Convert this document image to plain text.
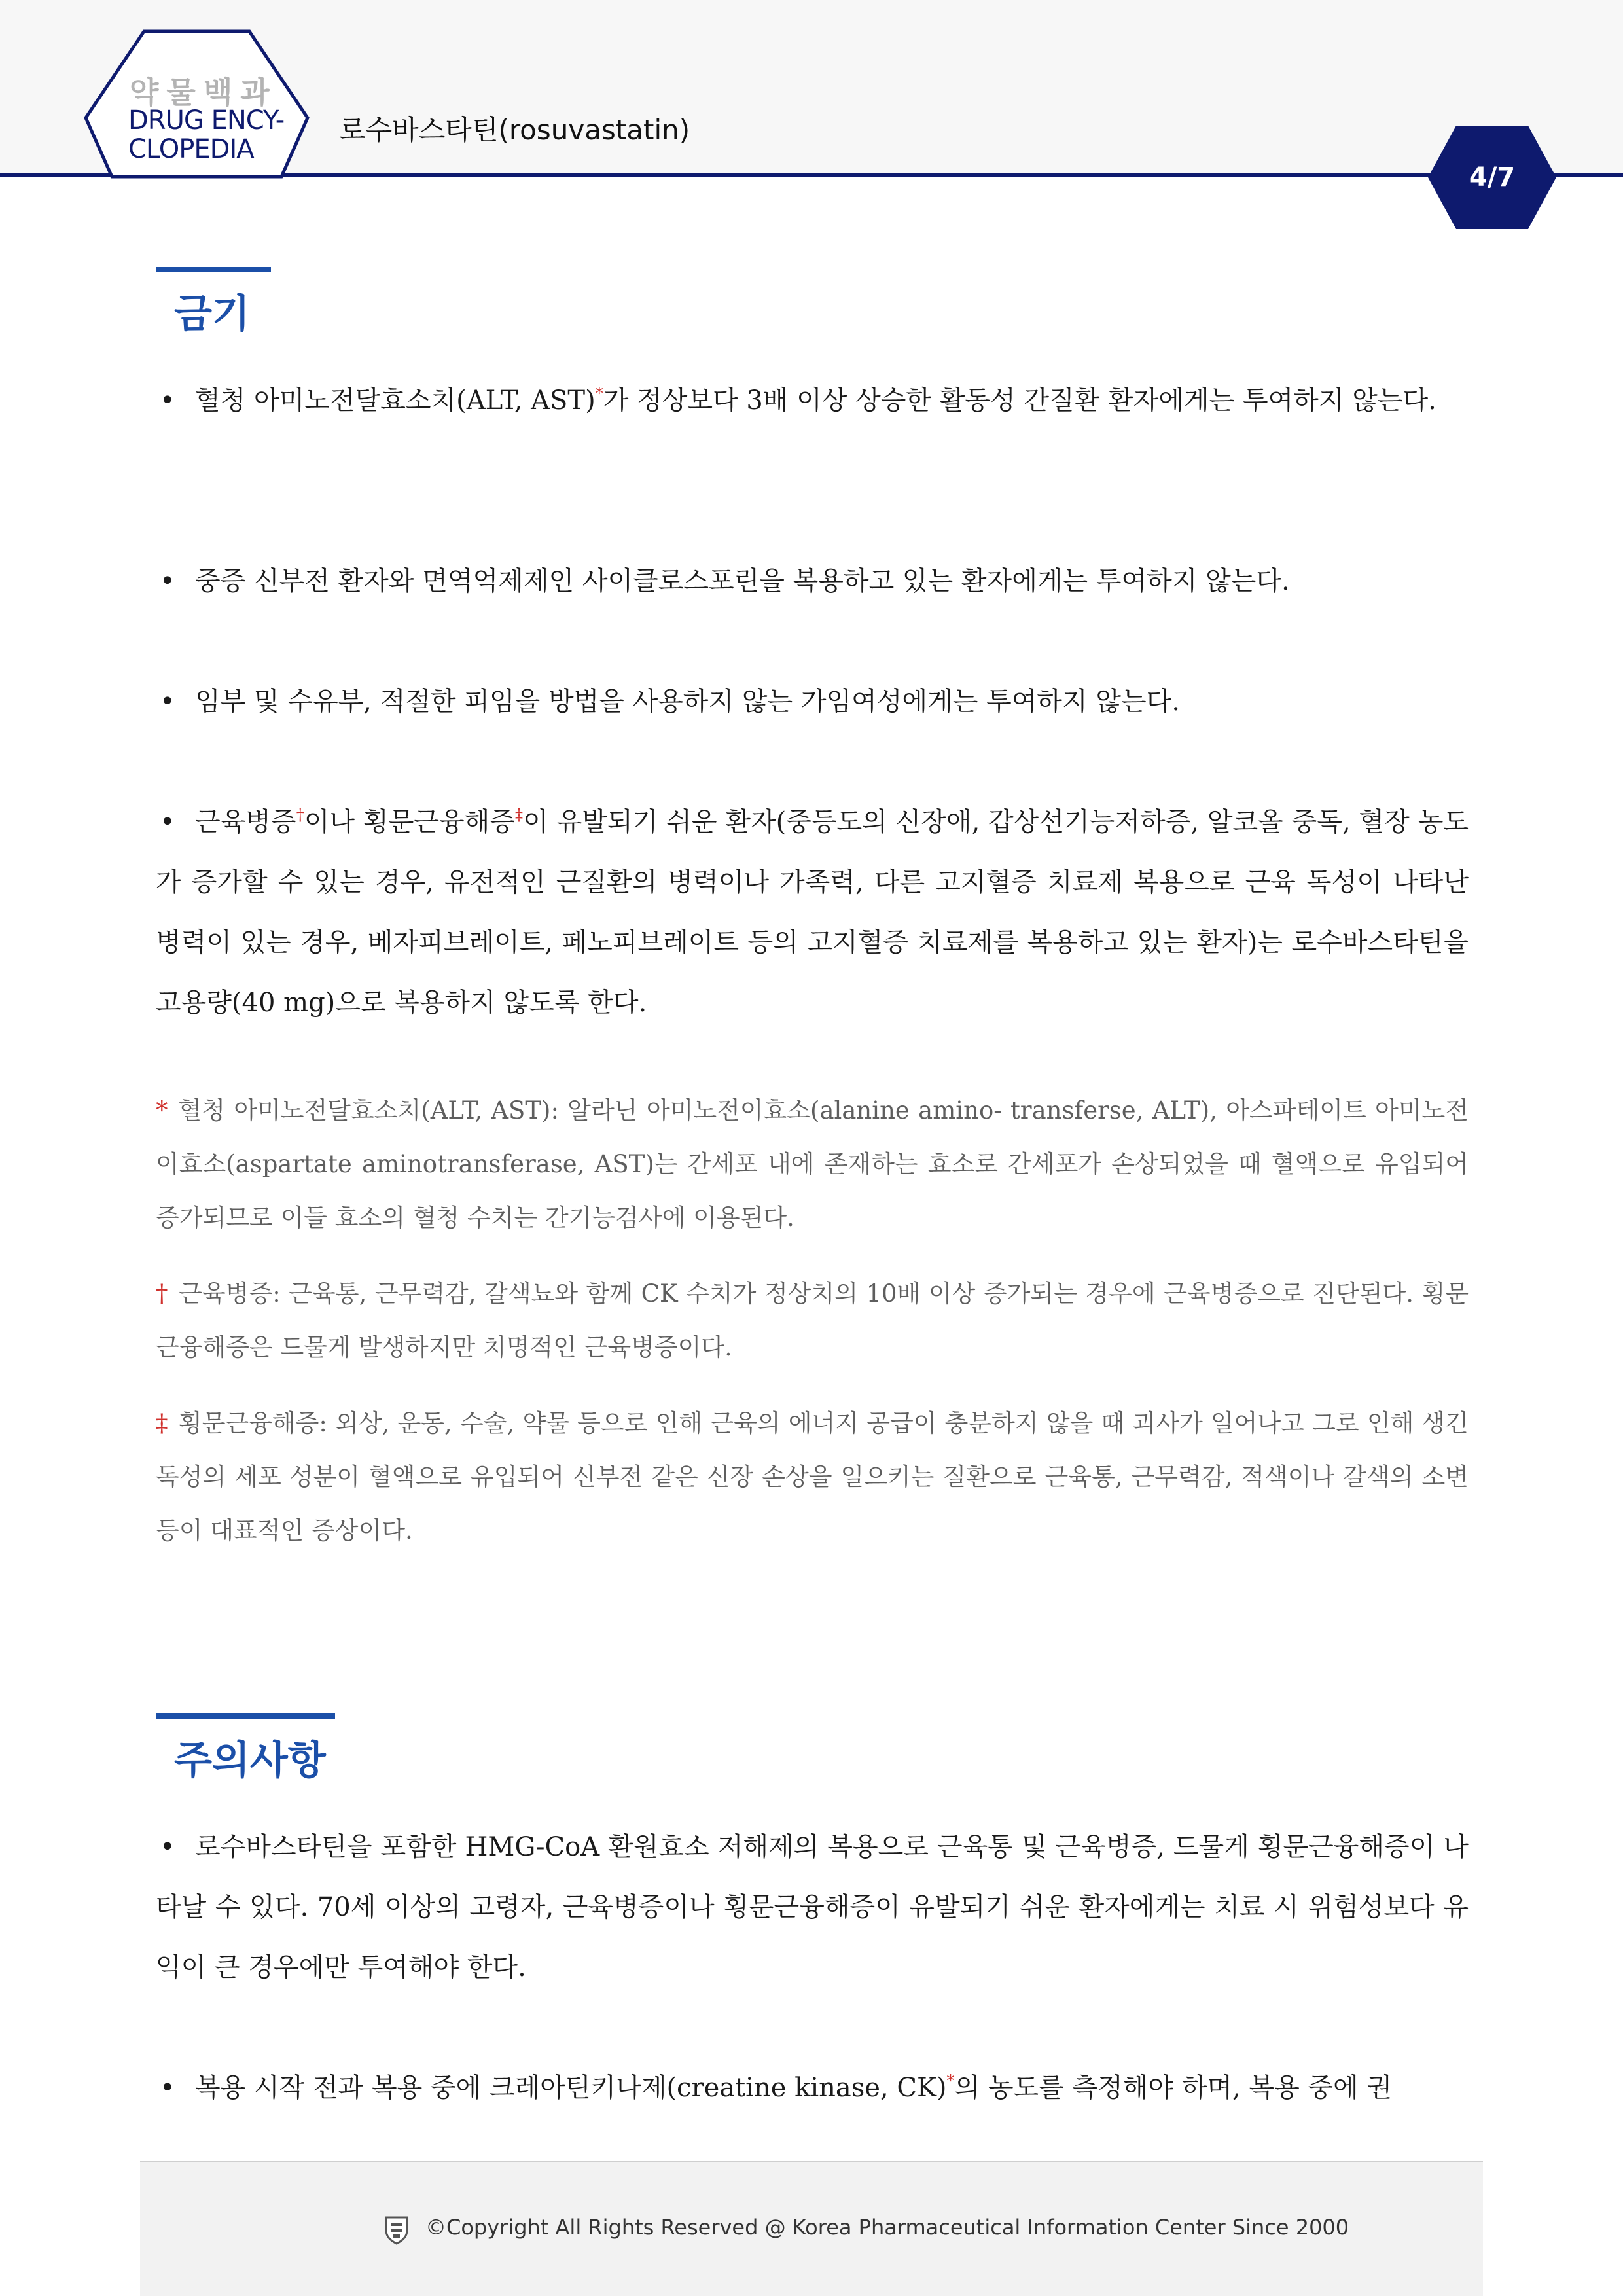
약물백과
DRUG ENCY-
CLOPEDIA
로수바스타틴(rosuvastatin)
4/7
금기
• 혈청 아미노전달효소치(ALT, AST)*가 정상보다 3배 이상 상승한 활동성 간질환 환자에게는 투여하지 않는다.
• 중증 신부전 환자와 면역억제제인 사이클로스포린을 복용하고 있는 환자에게는 투여하지 않는다.
• 임부 및 수유부, 적절한 피임을 방법을 사용하지 않는 가임여성에게는 투여하지 않는다.
• 근육병증†이나 횡문근융해증‡이 유발되기 쉬운 환자(중등도의 신장애, 갑상선기능저하증, 알코올 중독, 혈장 농도가 증가할 수 있는 경우, 유전적인 근질환의 병력이나 가족력, 다른 고지혈증 치료제 복용으로 근육 독성이 나타난 병력이 있는 경우, 베자피브레이트, 페노피브레이트 등의 고지혈증 치료제를 복용하고 있는 환자)는 로수바스타틴을 고용량(40 mg)으로 복용하지 않도록 한다.
* 혈청 아미노전달효소치(ALT, AST): 알라닌 아미노전이효소(alanine amino- transferse, ALT), 아스파테이트 아미노전이효소(aspartate aminotransferase, AST)는 간세포 내에 존재하는 효소로 간세포가 손상되었을 때 혈액으로 유입되어 증가되므로 이들 효소의 혈청 수치는 간기능검사에 이용된다.
† 근육병증: 근육통, 근무력감, 갈색뇨와 함께 CK 수치가 정상치의 10배 이상 증가되는 경우에 근육병증으로 진단된다. 횡문근융해증은 드물게 발생하지만 치명적인 근육병증이다.
‡ 횡문근융해증: 외상, 운동, 수술, 약물 등으로 인해 근육의 에너지 공급이 충분하지 않을 때 괴사가 일어나고 그로 인해 생긴 독성의 세포 성분이 혈액으로 유입되어 신부전 같은 신장 손상을 일으키는 질환으로 근육통, 근무력감, 적색이나 갈색의 소변 등이 대표적인 증상이다.
주의사항
• 로수바스타틴을 포함한 HMG-CoA 환원효소 저해제의 복용으로 근육통 및 근육병증, 드물게 횡문근융해증이 나타날 수 있다. 70세 이상의 고령자, 근육병증이나 횡문근융해증이 유발되기 쉬운 환자에게는 치료 시 위험성보다 유익이 큰 경우에만 투여해야 한다.
• 복용 시작 전과 복용 중에 크레아틴키나제(creatine kinase, CK)*의 농도를 측정해야 하며, 복용 중에 권
©Copyright All Rights Reserved @ Korea Pharmaceutical Information Center Since 2000
